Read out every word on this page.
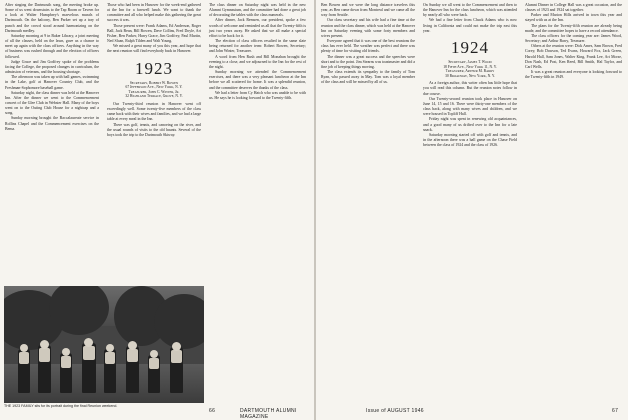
After singing the Dartmouth song, the meeting broke up. Some of us went downstairs to the Tap Room or Tavern for a look at Walter Humphrey's marvelous murals of Dartmouth. On the balcony, Ben Parker set up a tray of punch and the crowd stood around harmonizing on the Dartmouth medley.

Saturday morning at 9 in Baker Library, a joint meeting of all the classes, held on the lawn, gave us a chance to meet up again with the class officers. Anything in the way of business was rushed through and the election of officers followed.

Judge Grace and Jim Godfrey spoke of the problems facing the College, the proposed changes in curriculum, the admission of veterans, and the housing shortage.

The afternoon was taken up with ball games, swimming in the Lake, golf at Hanover Country Club, and the Freshman-Sophomore baseball game.

Saturday night, the class dinner was held at the Hanover Inn. After the dinner we went to the Commencement concert of the Glee Club in Webster Hall. Many of the boys went on to the Outing Club House for a nightcap and a song.

Sunday morning brought the Baccalaureate service in Rollins Chapel and the Commencement exercises on the Bema.

Those who had been in Hanover for the week-end gathered at the Inn for a farewell lunch. We want to thank the committee and all who helped make this gathering the great success it was.

Those present were: Frank Adams, Ed Anderson, Roger Ball, Jack Bean, Bill Bowen, Dave Collins, Fred Doyle, Art Fisher, Ben Parker, Harry Grace, Jim Godfrey, Paul Martin, Ned Sloan, Ralph Tilden and Walt Young.

We missed a great many of you this year, and hope that the next reunion will find everybody back in Hanover.

1923
Secretary, Robert W. Bowen
67 Jefferson Ave., New York, N. Y.
Treasurer, John C. Winter, Jr.
32 Highland Terrace, Grove, N. Y.

Our Twenty-third reunion in Hanover went off exceedingly well. Some twenty-five members of the class came back with their wives and families, and we had a large table at every meal in the Inn.

There was golf, tennis, and canoeing on the river, and the usual rounds of visits to the old haunts. Several of the boys took the trip to the Dartmouth Skiway.

The class dinner on Saturday night was held in the new Alumni Gymnasium, and the committee had done a great job of decorating the tables with the class numerals.

After dinner, Jack Remsen, our president, spoke a few words of welcome and reminded us all that the Twenty-fifth is just two years away. He asked that we all make a special effort to be back for it.

The election of class officers resulted in the same slate being returned for another term: Robert Bowen, Secretary; and John Winter, Treasurer.

A word from Hen Rush and Bill Monahan brought the evening to a close, and we adjourned to the Inn for the rest of the night.

Sunday morning we attended the Commencement exercises, and there was a very pleasant luncheon at the Inn before we all scattered for home. It was a splendid reunion, and the committee deserves the thanks of the class.

We had a letter from Cy Hatch who was unable to be with us. He says he is looking forward to the Twenty-fifth.

THE 1923 FAMILY sits for its portrait during the final Reunion weekend.
66	DARTMOUTH ALUMNI MAGAZINE

Ben Bowen and we were the long distance travelers this year, as Ben came down from Montreal and we came all the way from Seattle.

Our class secretary and his wife had a fine time at the reunion and the class dinner, which was held at the Hanover Inn on Saturday evening with some forty members and wives present.

Everyone agreed that it was one of the best reunions the class has ever held. The weather was perfect and there was plenty of time for visiting old friends.

The dinner was a great success and the speeches were short and to the point. Jim Stearns was toastmaster and did a fine job of keeping things moving.

The class extends its sympathy to the family of Tom Ryan, who passed away in May. Tom was a loyal member of the class and will be missed by all of us.

On Sunday we all went to the Commencement and then to the Hanover Inn for the class luncheon, which was attended by nearly all who were back.

We had a fine letter from Chuck Adams who is now living in California and could not make the trip east this year.

1924
Secretary, James T. Wood
18 Fifth Ave., New York 11, N. Y.
Treasurer, Arthur M. Barry
30 Broadway, New York, N. Y.

As a foreign author, this writer often has little hope that you will read this column. But the reunion notes follow in due course.

Our Twenty-second reunion took place in Hanover on June 14, 15 and 16. There were thirty-one members of the class back, along with many wives and children, and we were housed in Topliff Hall.

Friday night was spent in renewing old acquaintances, and a good many of us drifted over to the Inn for a late snack.

Saturday morning started off with golf and tennis, and in the afternoon there was a ball game on the Chase Field between the class of 1924 and the class of 1926.

Alumni Dinner in College Hall was a great occasion, and the classes of 1923 and 1924 sat together.

Parker and Marion Hills arrived in town this year and stayed with us at the Inn.

The plans for the Twenty-fifth reunion are already being made, and the committee hopes to have a record attendance.

The class officers for the coming year are: James Wood, Secretary; and Arthur Barry, Treasurer.

Others at the reunion were: Dick Ames, Sam Brown, Fred Corey, Bob Dawson, Ted Evans, Howard Fox, Jack Green, Harold Hall, Sam Jones, Walter King, Frank Lee, Art Morse, Don Nash, Ed Post, Ken Reed, Bill Smith, Hal Taylor, and Carl Wells.

It was a great reunion and everyone is looking forward to the Twenty-fifth in 1949.

Issue of AUGUST 1946	67
